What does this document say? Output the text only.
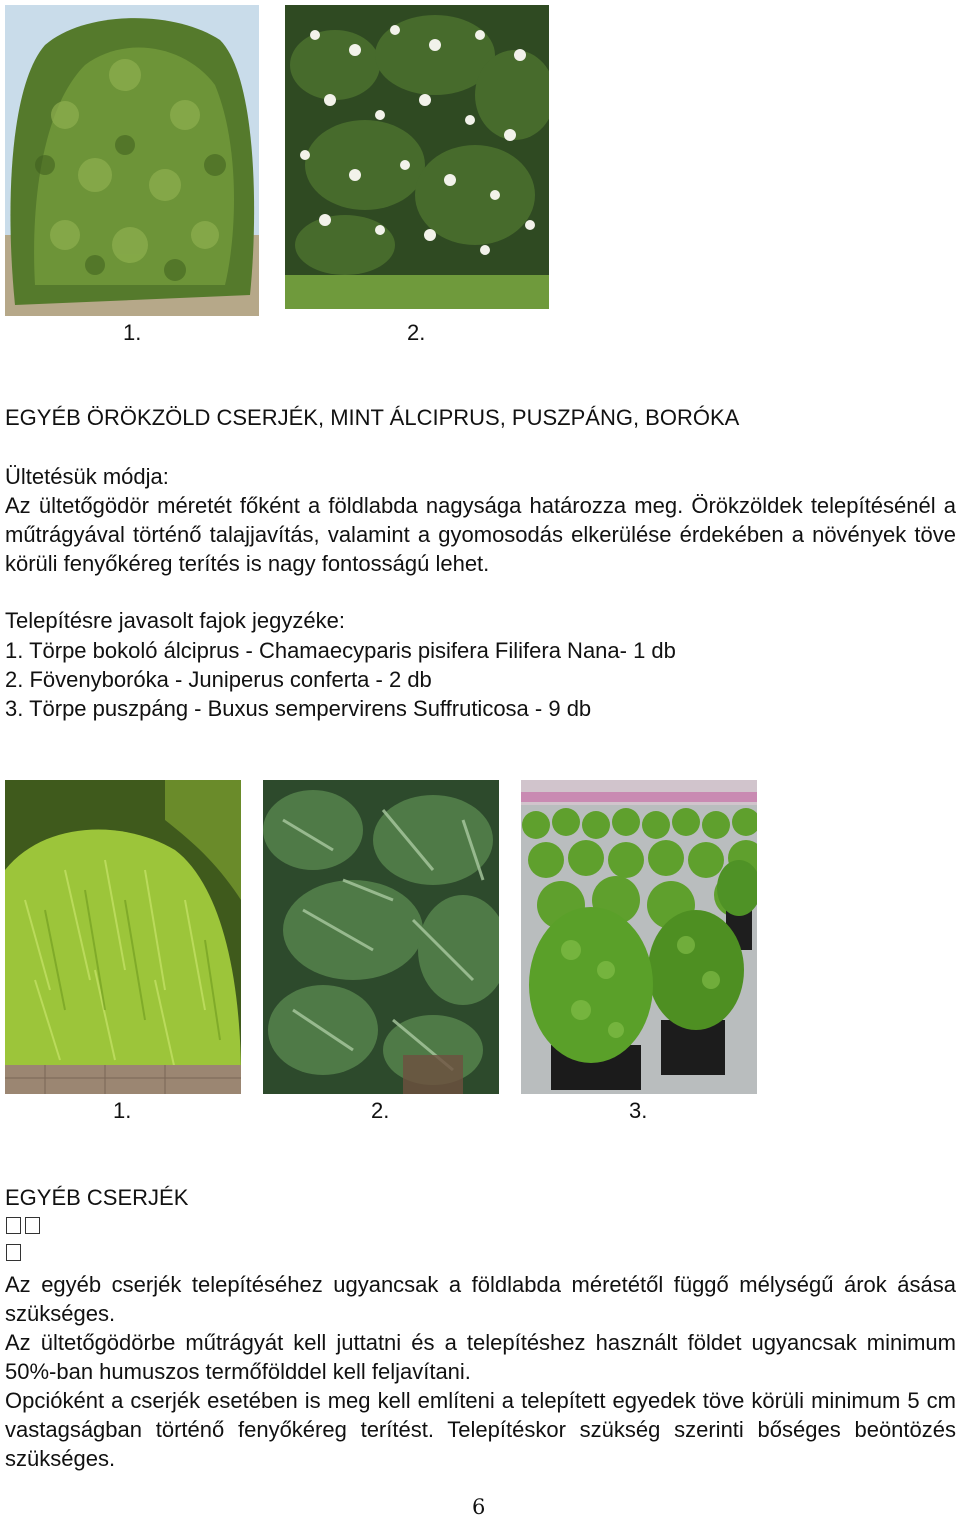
1.	2.
EGYÉB ÖRÖKZÖLD CSERJÉK, MINT ÁLCIPRUS, PUSZPÁNG, BORÓKA
Ültetésük módja:
Az ültetőgödör méretét főként a földlabda nagysága határozza meg. Örökzöldek telepítésénél a műtrágyával történő talajjavítás, valamint a gyomosodás elkerülése érdekében a növények töve körüli fenyőkéreg terítés is nagy fontosságú lehet.
Telepítésre javasolt fajok jegyzéke:
1. Törpe bokoló álciprus - Chamaecyparis pisifera Filifera Nana- 1 db
2. Fövenyboróka - Juniperus conferta - 2 db
3. Törpe puszpáng - Buxus sempervirens Suffruticosa - 9 db
1.	2.	3.
EGYÉB CSERJÉK
Az egyéb cserjék telepítéséhez ugyancsak a földlabda méretétől függő mélységű árok ásása szükséges.
Az ültetőgödörbe műtrágyát kell juttatni és a telepítéshez használt földet ugyancsak minimum 50%-ban humuszos termőfölddel kell feljavítani.
Opcióként a cserjék esetében is meg kell említeni a telepített egyedek töve körüli minimum 5 cm vastagságban történő fenyőkéreg terítést. Telepítéskor szükség szerinti bőséges beöntözés szükséges.
6
